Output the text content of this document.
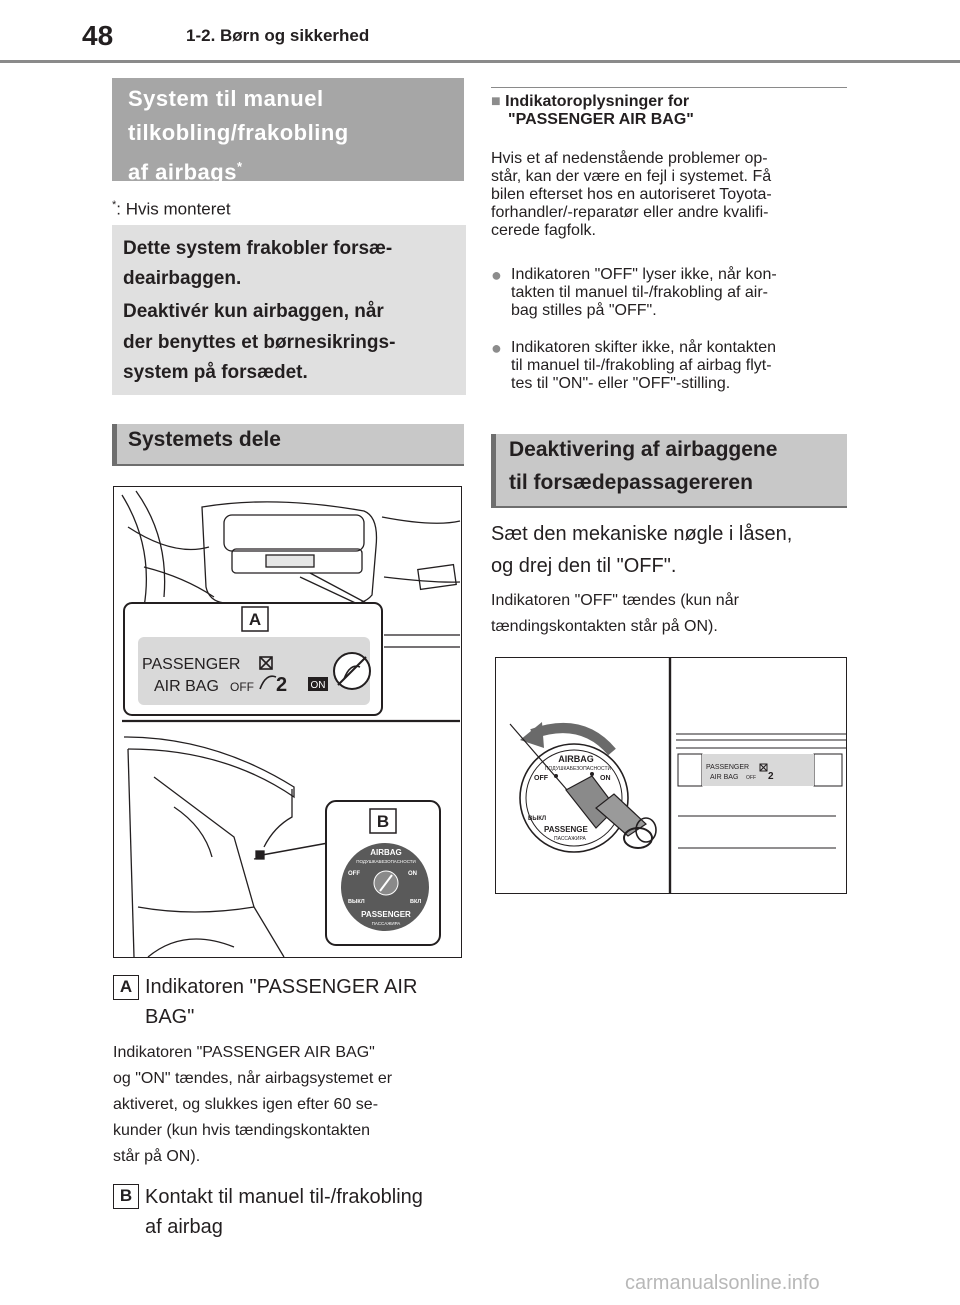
48	1-2. Børn og sikkerhed
System til manuel
tilkobling/frakobling
af airbags*
*: Hvis monteret
Dette system frakobler forsæ-
deairbaggen.
Deaktivér kun airbaggen, når
der benyttes et børnesikrings-
system på forsædet.
Systemets dele
A
PASSENGER
AIR BAG OFF 2 ON
B
AIRBAG
ПОДУШКАБЕЗОПАСНОСТИ
OFF	ON
ВЫКЛ	ВКЛ
PASSENGER
ПАССАЖИРА
A Indikatoren "PASSENGER AIR
BAG"
Indikatoren "PASSENGER AIR BAG"
og "ON" tændes, når airbagsystemet er
aktiveret, og slukkes igen efter 60 se-
kunder (kun hvis tændingskontakten
står på ON).
B Kontakt til manuel til-/frakobling
af airbag
■ Indikatoroplysninger for
"PASSENGER AIR BAG"
Hvis et af nedenstående problemer op-
står, kan der være en fejl i systemet. Få
bilen efterset hos en autoriseret Toyota-
forhandler/-reparatør eller andre kvalifi-
cerede fagfolk.
● Indikatoren "OFF" lyser ikke, når kon-
takten til manuel til-/frakobling af air-
bag stilles på "OFF".
● Indikatoren skifter ikke, når kontakten
til manuel til-/frakobling af airbag flyt-
tes til "ON"- eller "OFF"-stilling.
Deaktivering af airbaggene
til forsædepassagereren
Sæt den mekaniske nøgle i låsen,
og drej den til "OFF".
Indikatoren "OFF" tændes (kun når
tændingskontakten står på ON).
PASSENGER
AIR BAG OFF 2
AIRBAG
ПОДУШКАБЕЗОПАСНОСТИ
OFF	ON
ВЫКЛ
PASSENGE
ПАССАЖИРА
carmanualsonline.info
